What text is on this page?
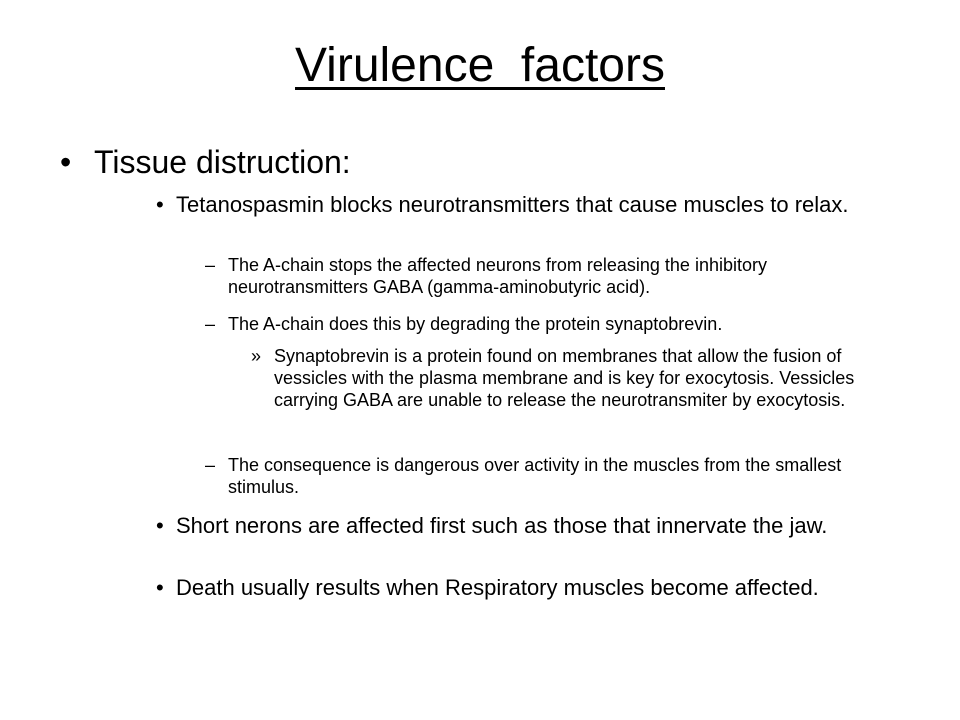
Virulence  factors
• Tissue distruction:
• Tetanospasmin blocks neurotransmitters that cause muscles to relax.
– The A-chain stops the affected neurons from releasing the inhibitory neurotransmitters GABA (gamma-aminobutyric acid).
– The A-chain does this by degrading the protein synaptobrevin.
» Synaptobrevin is a protein found on membranes that allow the fusion of vessicles with the plasma membrane and is key for exocytosis. Vessicles carrying GABA are unable to release the neurotransmiter by exocytosis.
– The consequence is dangerous over activity in the muscles from the smallest stimulus.
• Short nerons are affected first such as those that innervate the jaw.
• Death usually results when Respiratory muscles become affected.
